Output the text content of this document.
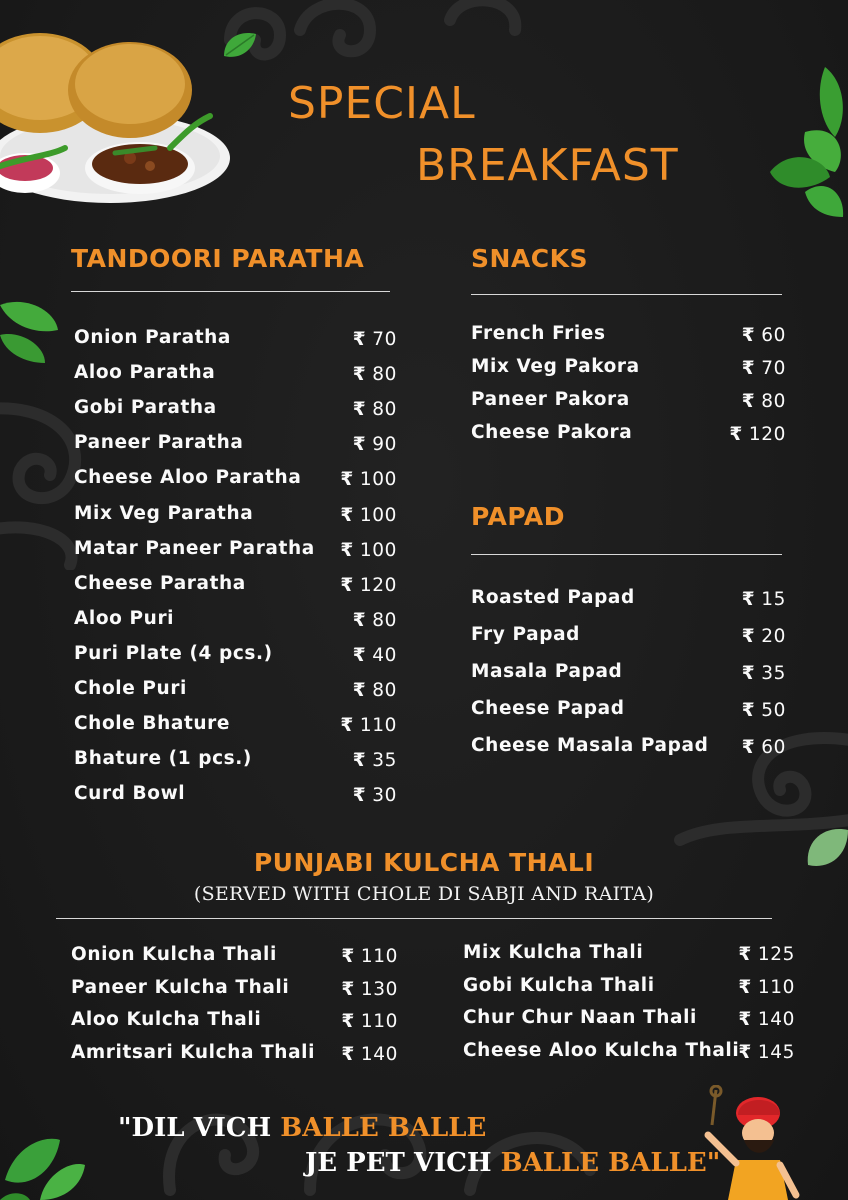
SPECIAL
BREAKFAST
TANDOORI PARATHA
Onion Paratha	₹ 70
Aloo Paratha	₹ 80
Gobi Paratha	₹ 80
Paneer Paratha	₹ 90
Cheese Aloo Paratha ₹ 100
Mix Veg Paratha	₹ 100
Matar Paneer Paratha ₹ 100
Cheese Paratha	₹ 120
Aloo Puri	₹ 80
Puri Plate (4 pcs.)	₹ 40
Chole Puri	₹ 80
Chole Bhature	₹ 110
Bhature (1 pcs.)	₹ 35
Curd Bowl	₹ 30
SNACKS
French Fries	₹ 60
Mix Veg Pakora	₹ 70
Paneer Pakora	₹ 80
Cheese Pakora	₹ 120
PAPAD
Roasted Papad	₹ 15
Fry Papad	₹ 20
Masala Papad	₹ 35
Cheese Papad	₹ 50
Cheese Masala Papad ₹ 60
PUNJABI KULCHA THALI
(SERVED WITH CHOLE DI SABJI AND RAITA)
Onion Kulcha Thali	₹ 110
Paneer Kulcha Thali	₹ 130
Aloo Kulcha Thali	₹ 110
Amritsari Kulcha Thali ₹ 140
Mix Kulcha Thali	₹ 125
Gobi Kulcha Thali	₹ 110
Chur Chur Naan Thali ₹ 140
Cheese Aloo Kulcha Thali ₹ 145
"DIL VICH BALLE BALLE
JE PET VICH BALLE BALLE"
